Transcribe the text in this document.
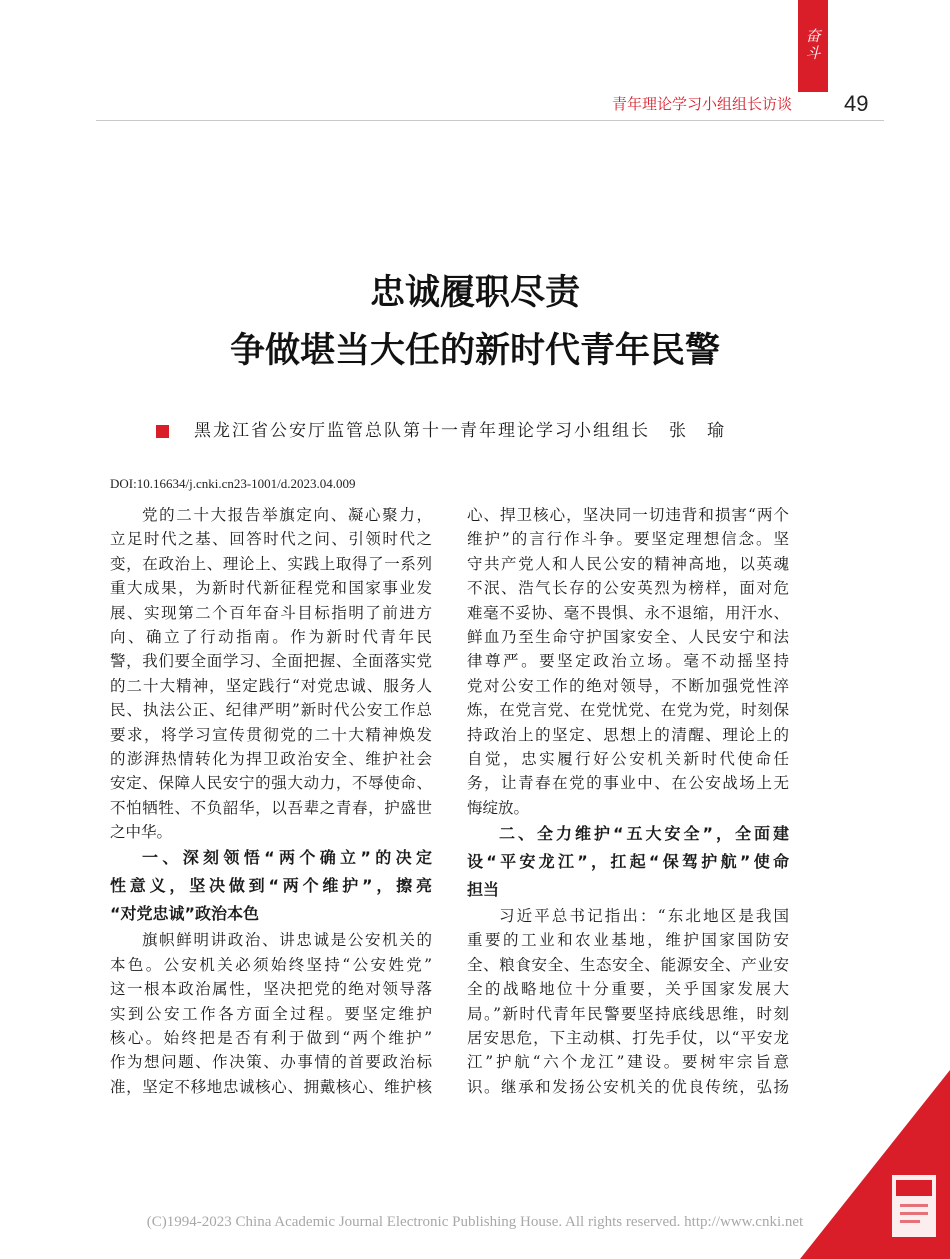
奋斗
青年理论学习小组组长访谈 49
忠诚履职尽责
争做堪当大任的新时代青年民警
黑龙江省公安厅监管总队第十一青年理论学习小组组长　张　瑜
DOI:10.16634/j.cnki.cn23-1001/d.2023.04.009
党的二十大报告举旗定向、凝心聚力，
立足时代之基、回答时代之问、引领时代之
变，在政治上、理论上、实践上取得了一系列
重大成果，为新时代新征程党和国家事业发
展、实现第二个百年奋斗目标指明了前进方
向、确立了行动指南。作为新时代青年民
警，我们要全面学习、全面把握、全面落实党
的二十大精神，坚定践行“对党忠诚、服务人
民、执法公正、纪律严明”新时代公安工作总
要求，将学习宣传贯彻党的二十大精神焕发
的澎湃热情转化为捍卫政治安全、维护社会
安定、保障人民安宁的强大动力，不辱使命、
不怕牺牲、不负韶华，以吾辈之青春，护盛世
之中华。
一、深刻领悟“两个确立”的决定
性意义，坚决做到“两个维护”，擦亮
“对党忠诚”政治本色
旗帜鲜明讲政治、讲忠诚是公安机关的
本色。公安机关必须始终坚持“公安姓党”
这一根本政治属性，坚决把党的绝对领导落
实到公安工作各方面全过程。要坚定维护
核心。始终把是否有利于做到“两个维护”
作为想问题、作决策、办事情的首要政治标
准，坚定不移地忠诚核心、拥戴核心、维护核
心、捍卫核心，坚决同一切违背和损害“两个
维护”的言行作斗争。要坚定理想信念。坚
守共产党人和人民公安的精神高地，以英魂
不泯、浩气长存的公安英烈为榜样，面对危
难毫不妥协、毫不畏惧、永不退缩，用汗水、
鲜血乃至生命守护国家安全、人民安宁和法
律尊严。要坚定政治立场。毫不动摇坚持
党对公安工作的绝对领导，不断加强党性淬
炼，在党言党、在党忧党、在党为党，时刻保
持政治上的坚定、思想上的清醒、理论上的
自觉，忠实履行好公安机关新时代使命任
务，让青春在党的事业中、在公安战场上无
悔绽放。
二、全力维护“五大安全”，全面建
设“平安龙江”，扛起“保驾护航”使命
担当
习近平总书记指出：“东北地区是我国
重要的工业和农业基地，维护国家国防安
全、粮食安全、生态安全、能源安全、产业安
全的战略地位十分重要，关乎国家发展大
局。”新时代青年民警要坚持底线思维，时刻
居安思危，下主动棋、打先手仗，以“平安龙
江”护航“六个龙江”建设。要树牢宗旨意
识。继承和发扬公安机关的优良传统，弘扬
(C)1994-2023 China Academic Journal Electronic Publishing House. All rights reserved. http://www.cnki.net
